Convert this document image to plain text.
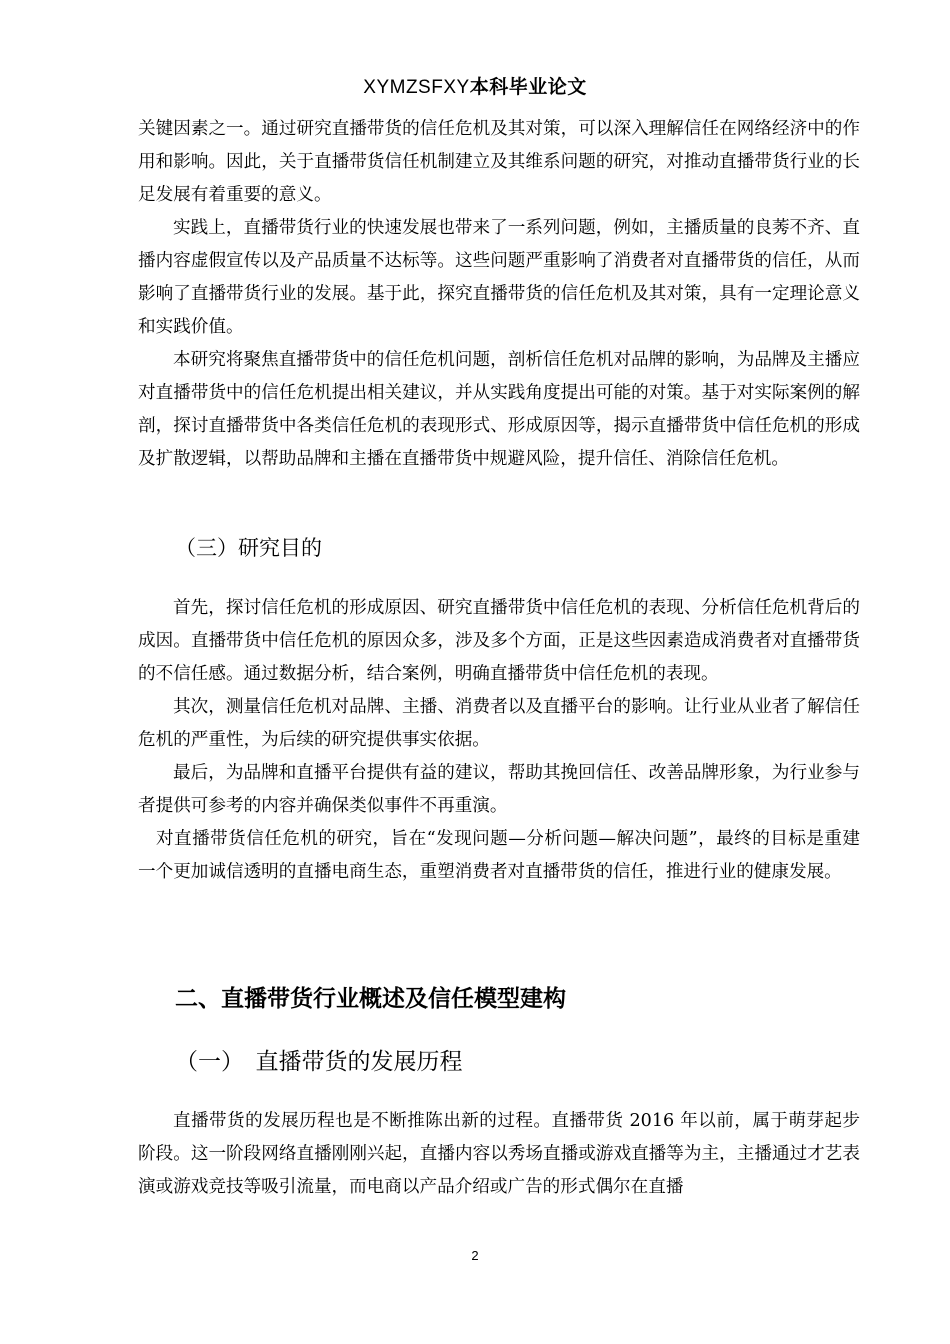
XYMZSFXY本科毕业论文

关键因素之一。通过研究直播带货的信任危机及其对策，可以深入理解信任在网络经济中的作用和影响。因此，关于直播带货信任机制建立及其维系问题的研究，对推动直播带货行业的长足发展有着重要的意义。

实践上，直播带货行业的快速发展也带来了一系列问题，例如，主播质量的良莠不齐、直播内容虚假宣传以及产品质量不达标等。这些问题严重影响了消费者对直播带货的信任，从而影响了直播带货行业的发展。基于此，探究直播带货的信任危机及其对策，具有一定理论意义和实践价值。

本研究将聚焦直播带货中的信任危机问题，剖析信任危机对品牌的影响，为品牌及主播应对直播带货中的信任危机提出相关建议，并从实践角度提出可能的对策。基于对实际案例的解剖，探讨直播带货中各类信任危机的表现形式、形成原因等，揭示直播带货中信任危机的形成及扩散逻辑，以帮助品牌和主播在直播带货中规避风险，提升信任、消除信任危机。

（三）研究目的

首先，探讨信任危机的形成原因、研究直播带货中信任危机的表现、分析信任危机背后的成因。直播带货中信任危机的原因众多，涉及多个方面，正是这些因素造成消费者对直播带货的不信任感。通过数据分析，结合案例，明确直播带货中信任危机的表现。

其次，测量信任危机对品牌、主播、消费者以及直播平台的影响。让行业从业者了解信任危机的严重性，为后续的研究提供事实依据。

最后，为品牌和直播平台提供有益的建议，帮助其挽回信任、改善品牌形象，为行业参与者提供可参考的内容并确保类似事件不再重演。

对直播带货信任危机的研究，旨在“发现问题—分析问题—解决问题”，最终的目标是重建一个更加诚信透明的直播电商生态，重塑消费者对直播带货的信任，推进行业的健康发展。

二、直播带货行业概述及信任模型建构
（一）　直播带货的发展历程

直播带货的发展历程也是不断推陈出新的过程。直播带货 2016 年以前，属于萌芽起步阶段。这一阶段网络直播刚刚兴起，直播内容以秀场直播或游戏直播等为主，主播通过才艺表演或游戏竞技等吸引流量，而电商以产品介绍或广告的形式偶尔在直播

2
